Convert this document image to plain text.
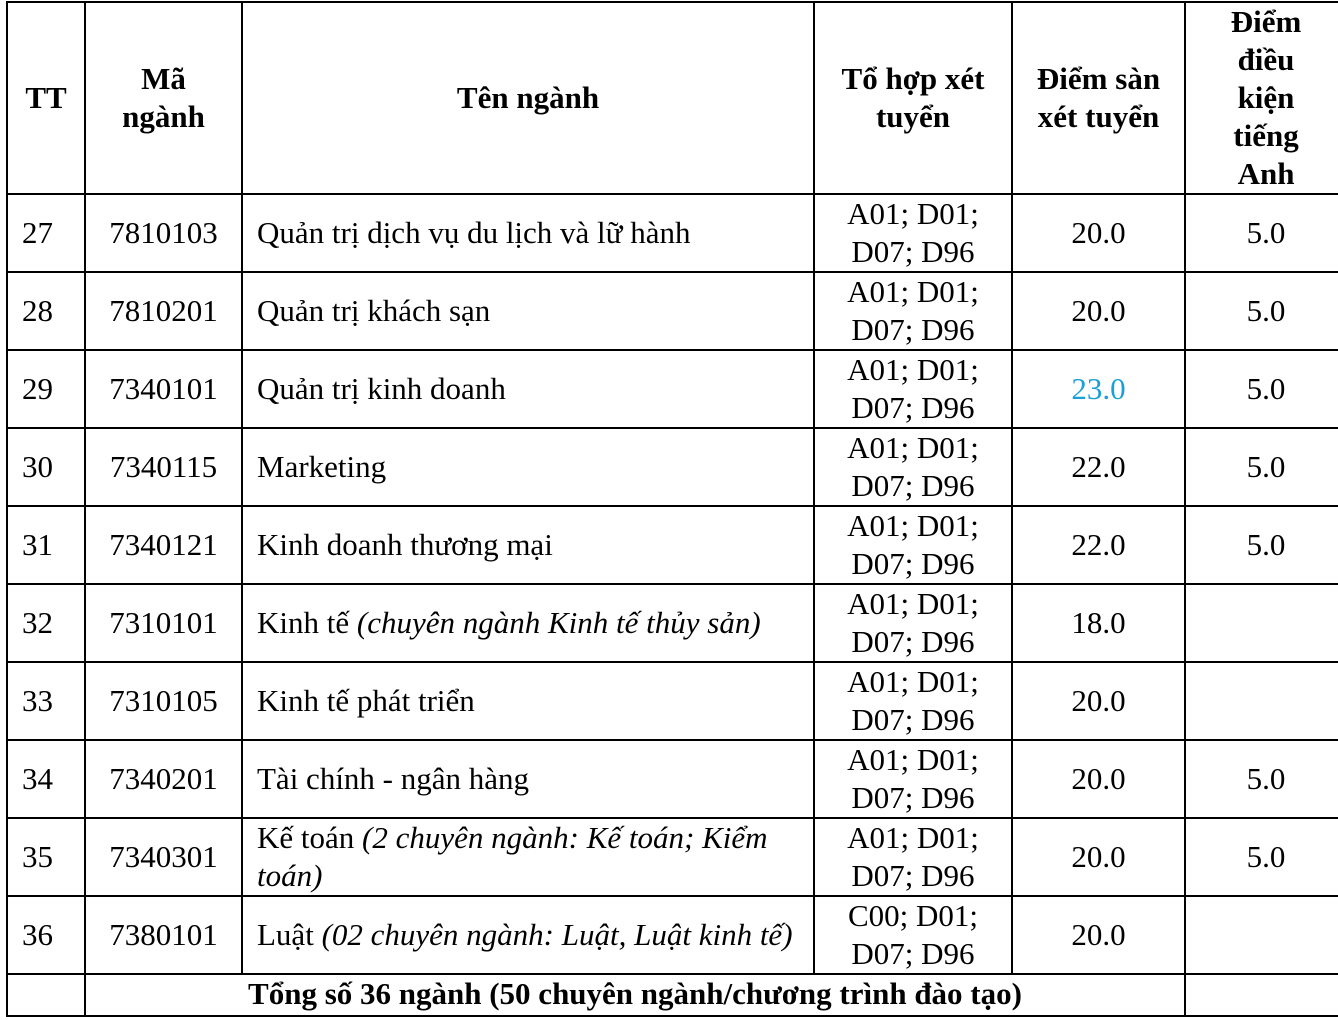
TT	Mã ngành	Tên ngành	Tổ hợp xét tuyển	Điểm sàn xét tuyển	Điểm điều kiện tiếng Anh
27	7810103	Quản trị dịch vụ du lịch và lữ hành	A01; D01; D07; D96	20.0	5.0
28	7810201	Quản trị khách sạn	A01; D01; D07; D96	20.0	5.0
29	7340101	Quản trị kinh doanh	A01; D01; D07; D96	23.0	5.0
30	7340115	Marketing	A01; D01; D07; D96	22.0	5.0
31	7340121	Kinh doanh thương mại	A01; D01; D07; D96	22.0	5.0
32	7310101	Kinh tế (chuyên ngành Kinh tế thủy sản)	A01; D01; D07; D96	18.0	
33	7310105	Kinh tế phát triển	A01; D01; D07; D96	20.0	
34	7340201	Tài chính - ngân hàng	A01; D01; D07; D96	20.0	5.0
35	7340301	Kế toán (2 chuyên ngành: Kế toán; Kiểm toán)	A01; D01; D07; D96	20.0	5.0
36	7380101	Luật (02 chuyên ngành: Luật, Luật kinh tế)	C00; D01; D07; D96	20.0	
	Tổng số 36 ngành (50 chuyên ngành/chương trình đào tạo)				
